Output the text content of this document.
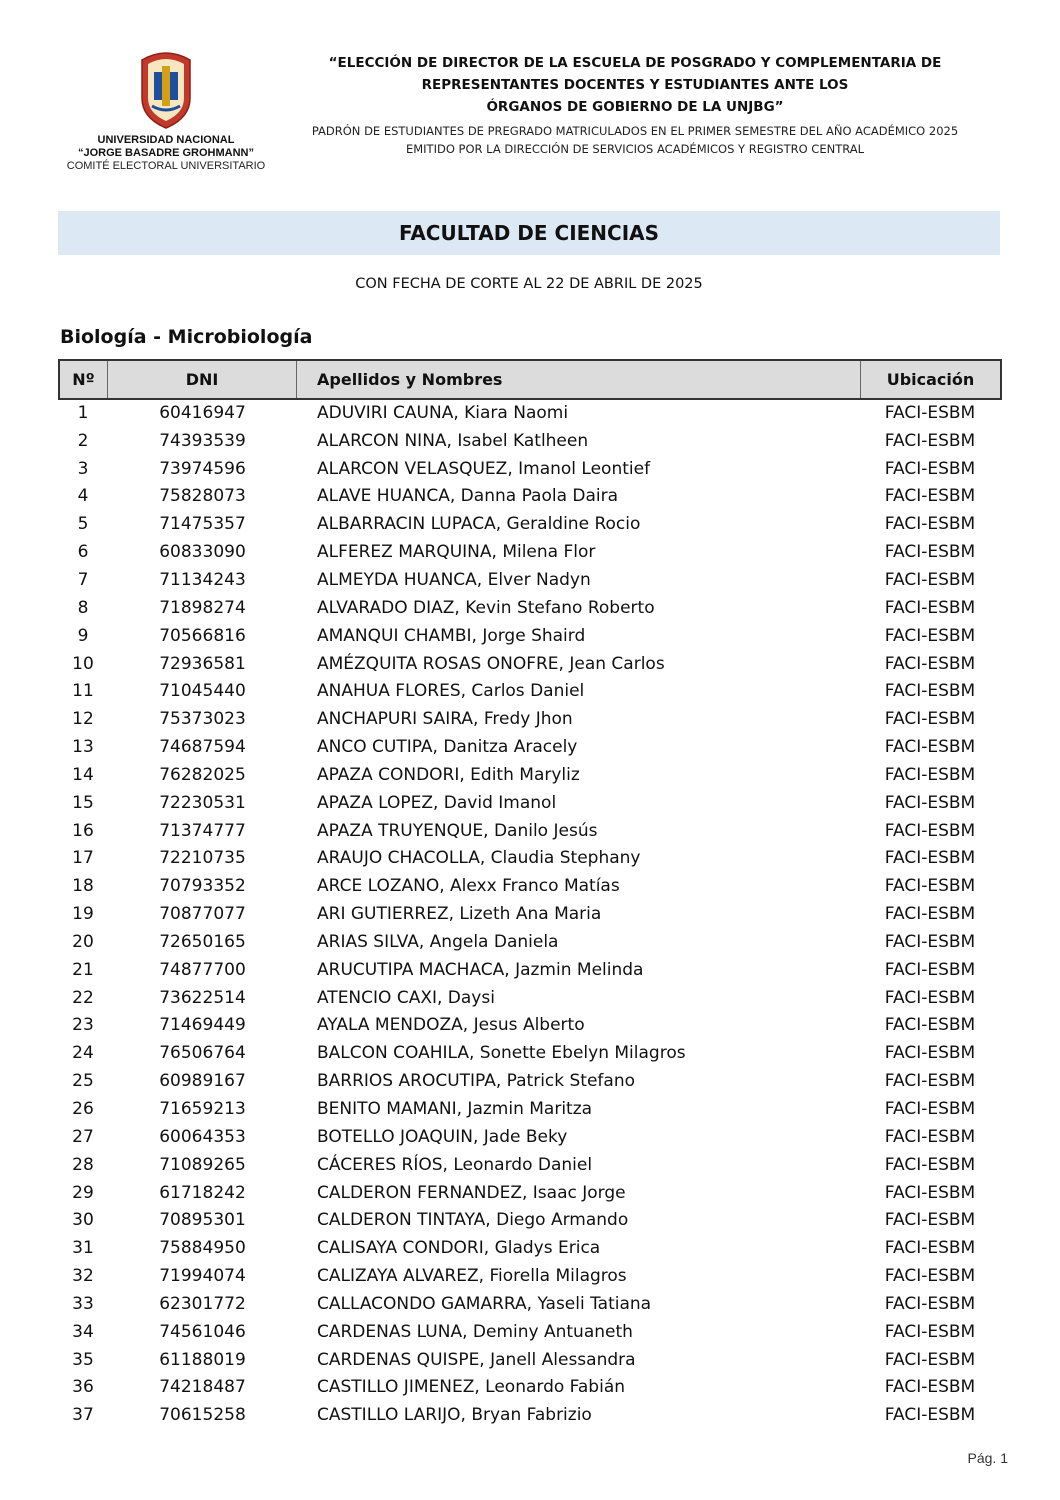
UNIVERSIDAD NACIONAL
“JORGE BASADRE GROHMANN”
COMITÉ ELECTORAL UNIVERSITARIO
“ELECCIÓN DE DIRECTOR DE LA ESCUELA DE POSGRADO Y COMPLEMENTARIA DE
REPRESENTANTES DOCENTES Y ESTUDIANTES ANTE LOS
ÓRGANOS DE GOBIERNO DE LA UNJBG”
PADRÓN DE ESTUDIANTES DE PREGRADO MATRICULADOS EN EL PRIMER SEMESTRE DEL AÑO ACADÉMICO 2025
EMITIDO POR LA DIRECCIÓN DE SERVICIOS ACADÉMICOS Y REGISTRO CENTRAL
FACULTAD DE CIENCIAS
CON FECHA DE CORTE AL 22 DE ABRIL DE 2025
Biología - Microbiología
Nº	DNI	Apellidos y Nombres	Ubicación
1	60416947	ADUVIRI CAUNA, Kiara Naomi	FACI-ESBM
2	74393539	ALARCON NINA, Isabel Katlheen	FACI-ESBM
3	73974596	ALARCON VELASQUEZ, Imanol Leontief	FACI-ESBM
4	75828073	ALAVE HUANCA, Danna Paola Daira	FACI-ESBM
5	71475357	ALBARRACIN LUPACA, Geraldine Rocio	FACI-ESBM
6	60833090	ALFEREZ MARQUINA, Milena Flor	FACI-ESBM
7	71134243	ALMEYDA HUANCA, Elver Nadyn	FACI-ESBM
8	71898274	ALVARADO DIAZ, Kevin Stefano Roberto	FACI-ESBM
9	70566816	AMANQUI CHAMBI, Jorge Shaird	FACI-ESBM
10	72936581	AMÉZQUITA ROSAS ONOFRE, Jean Carlos	FACI-ESBM
11	71045440	ANAHUA FLORES, Carlos Daniel	FACI-ESBM
12	75373023	ANCHAPURI SAIRA, Fredy Jhon	FACI-ESBM
13	74687594	ANCO CUTIPA, Danitza Aracely	FACI-ESBM
14	76282025	APAZA CONDORI, Edith Maryliz	FACI-ESBM
15	72230531	APAZA LOPEZ, David Imanol	FACI-ESBM
16	71374777	APAZA TRUYENQUE, Danilo Jesús	FACI-ESBM
17	72210735	ARAUJO CHACOLLA, Claudia Stephany	FACI-ESBM
18	70793352	ARCE LOZANO, Alexx Franco Matías	FACI-ESBM
19	70877077	ARI GUTIERREZ, Lizeth Ana Maria	FACI-ESBM
20	72650165	ARIAS SILVA, Angela Daniela	FACI-ESBM
21	74877700	ARUCUTIPA MACHACA, Jazmin Melinda	FACI-ESBM
22	73622514	ATENCIO CAXI, Daysi	FACI-ESBM
23	71469449	AYALA MENDOZA, Jesus Alberto	FACI-ESBM
24	76506764	BALCON COAHILA, Sonette Ebelyn Milagros	FACI-ESBM
25	60989167	BARRIOS AROCUTIPA, Patrick Stefano	FACI-ESBM
26	71659213	BENITO MAMANI, Jazmin Maritza	FACI-ESBM
27	60064353	BOTELLO JOAQUIN, Jade Beky	FACI-ESBM
28	71089265	CÁCERES RÍOS, Leonardo Daniel	FACI-ESBM
29	61718242	CALDERON FERNANDEZ, Isaac Jorge	FACI-ESBM
30	70895301	CALDERON TINTAYA, Diego Armando	FACI-ESBM
31	75884950	CALISAYA CONDORI, Gladys Erica	FACI-ESBM
32	71994074	CALIZAYA ALVAREZ, Fiorella Milagros	FACI-ESBM
33	62301772	CALLACONDO GAMARRA, Yaseli Tatiana	FACI-ESBM
34	74561046	CARDENAS LUNA, Deminy Antuaneth	FACI-ESBM
35	61188019	CARDENAS QUISPE, Janell Alessandra	FACI-ESBM
36	74218487	CASTILLO JIMENEZ, Leonardo Fabián	FACI-ESBM
37	70615258	CASTILLO LARIJO, Bryan Fabrizio	FACI-ESBM
Pág. 1
